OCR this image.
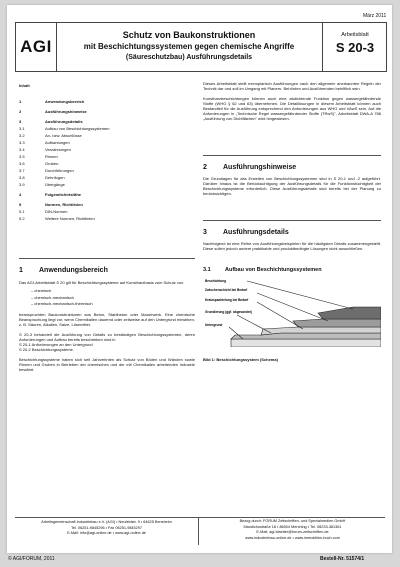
März 2011
AGI
Schutz von Baukonstruktionen
mit Beschichtungssystemen gegen chemische Angriffe
(Säureschutzbau) Ausführungsdetails
Arbeitsblatt
S 20-3
Inhalt
1	Anwendungsbereich
2	Ausführungshinweise
3	Ausführungsdetails
3.1	Aufbau von Beschichtungssystemen
3.2	An- bzw. Abschlüsse
3.3	Aufkantungen
3.4	Verzahnungen
3.5	Rinnen
3.6	Gruben
3.7	Durchführungen
3.8	Dehnfugen
3.9	Übergänge
4	Folgemitchirtsitthe
5	Normen, Richtlinien
5.1	DIN-Normen
5.2	Weitere Normen, Richtlinien
1	Anwendungsbereich

Das AGI-Arbeitsblatt S 20 gilt für Beschichtungssysteme auf Kunstharzbasis zum Schutz von

– chemisch
– chemisch-mechanisch
– chemisch-mechanisch-thermisch

beanspruchten Baukonstruktionen aus Beton, Stahlbeton oder Mauerwerk. Eine chemische Beanspruchung liegt vor, wenn Chemikalien dauernd oder zeitweise auf den Untergrund einwirken, z. B. Säuren, Alkalien, Salze, Lösemittel.

S 20-3 behandelt die Ausführung von Details zu beständigen Beschichtungssystemen, deren Anforderungen und Aufbau bereits beschrieben sind in

S 20-1 Anforderungen an den Untergrund
S 20-2 Beschichtungssysteme.

Beschichtungssysteme haben sich seit Jahrzehnten als Schutz von Böden und Wänden sowie Rinnen und Gruben in Betrieben der chemischen und der mit Chemikalien arbeitenden Industrie bewährt.

Dieses Arbeitsblatt stellt exemplarisch Ausführungen nach den allgemein anerkannten Regeln der Technik dar und soll im Umgang mit Planern, Behörden und Ausführenden behilflich sein.

Kunstharzbeschichtungen können auch eine abdichtende Funktion gegen wassergefährdende Stoffe (WHG § 62 und 63) übernehmen. Die Detaillösungen in diesem Arbeitsblatt können auch Bestandteil für die Ausführung entsprechend den Anforderungen aus WHG und VAwS sein. Auf die Anforderungen in „Technische Regel wassergefährdender Stoffe (TRwS)", Arbeitsblatt DWA-A 786 „Ausführung von Dichtflächen" wird hingewiesen.

2	Ausführungshinweise

Die Grundlagen für das Erstellen von Beschichtungssystemen sind in S 20-1 und -2 aufgeführt. Darüber hinaus ist die Berücksichtigung der Ausführungsdetails für die Funktionstüchtigkeit der Beschichtungssysteme erforderlich. Diese Ausführungsdetails sind bereits bei der Planung zu berücksichtigen.

3	Ausführungsdetails

Nachfolgend ist eine Reihe von Ausführungsbeispielen für die häufigsten Details zusammengestellt. Diese sollen jedoch andere praktikable und produktbedingte Lösungen nicht ausschließen.

3.1	Aufbau von Beschichtungssystemen
Beschichtung
Zwischenschicht bei Bedarf
Kratzspachtelung bei Bedarf
Grundierung (ggf. abgesandet)
Untergrund
Bild 1: Beschichtungssystem (Schema)
Arbeitsgemeinschaft Industriebau e.V. (AGI) • Neufeldstr. 9 • 64625 Bensheim
Tel. 06251-9845296 • Fax 06251-9845297
E-Mail: info@agi-online.de • www.agi-online.de
Bezug durch: FORUM Zeitschriften- und Spezialmedien GmbH
Mandichostraße 18 • 86504 Merching • Tel. 08233-381361
E-Mail: agi-blaetter@forum-zeitschriften.de
www.industriebau-online.de • www.immobilien-buch.com
© AGI/FORUM, 2011	Bestell-Nr. 51574/1
